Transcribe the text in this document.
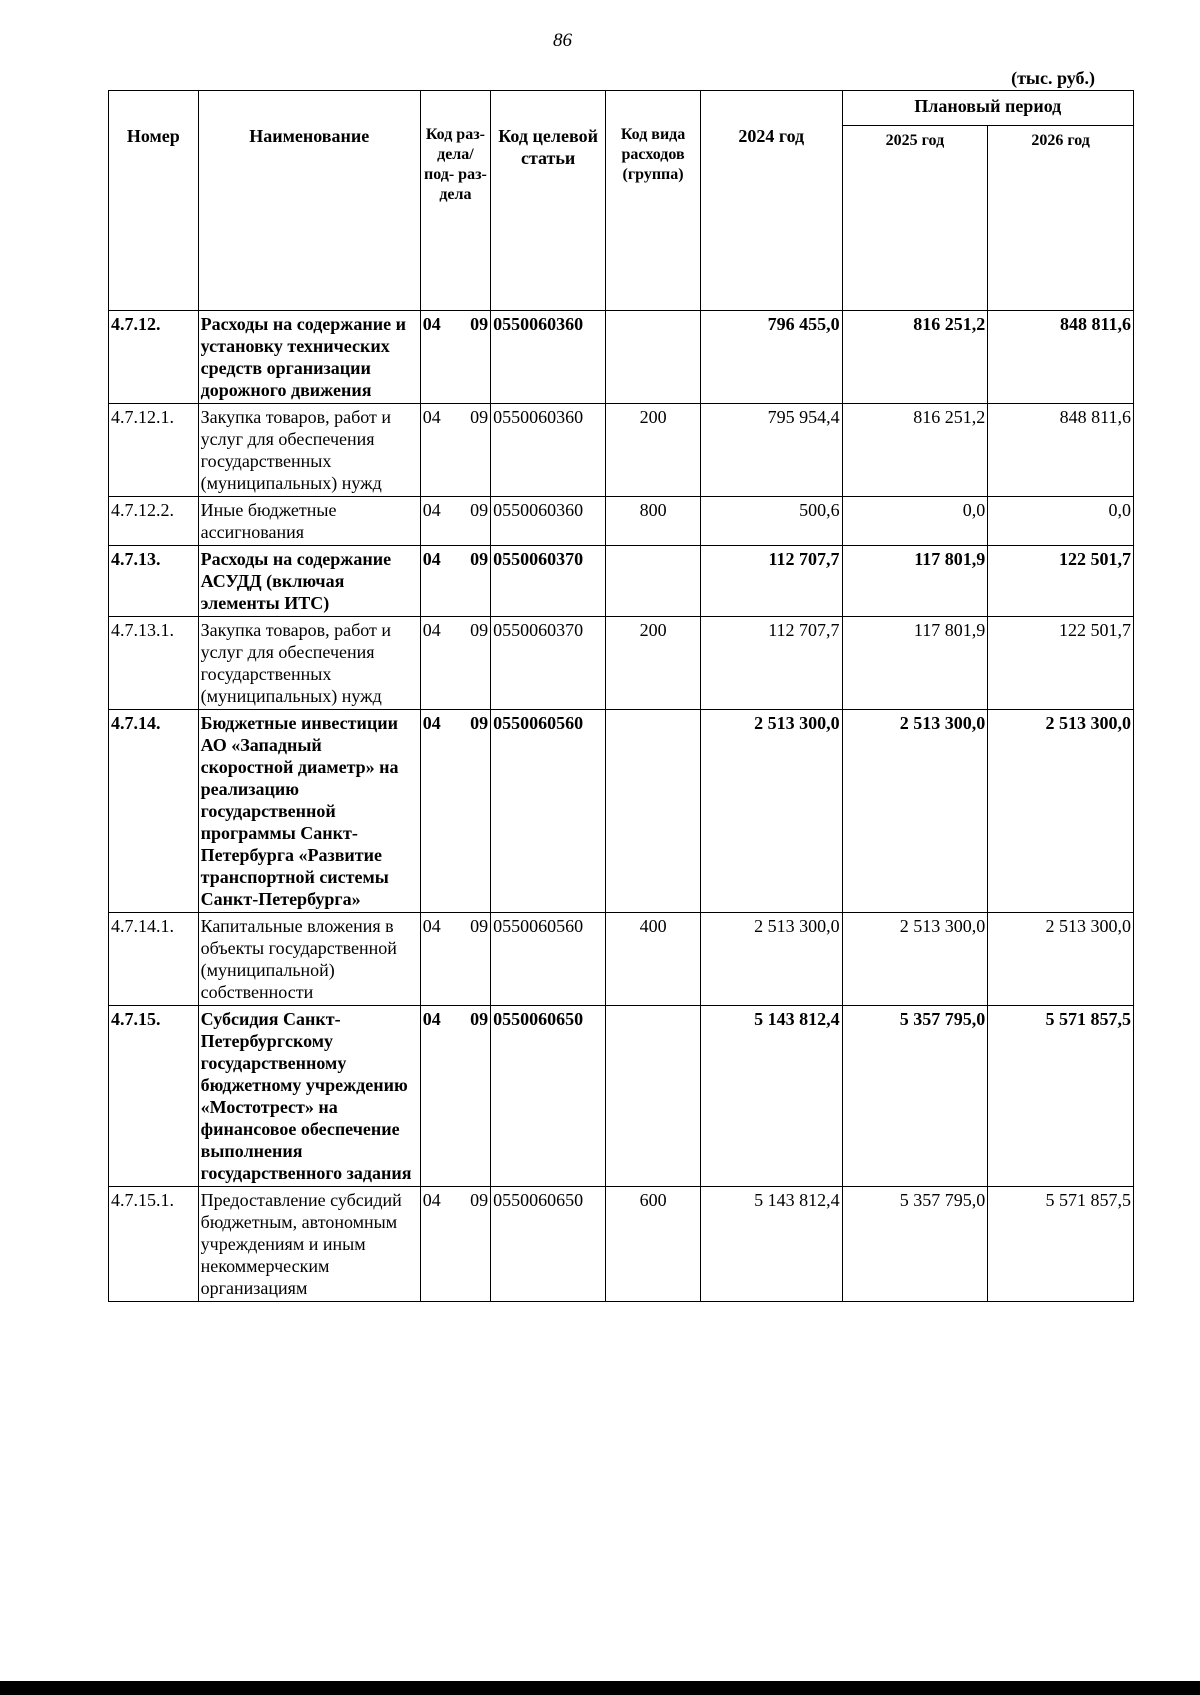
86
(тыс. руб.)
Номер	Наименование	Код раз- дела/ под- раз- дела	Код целевой статьи	Код вида расходов (группа)	2024 год	Плановый период	
						2025 год	2026 год
4.7.12.	Расходы на содержание и установку технических средств организации дорожного движения	04 09	0550060360		796 455,0	816 251,2	848 811,6
4.7.12.1.	Закупка товаров, работ и услуг для обеспечения государственных (муниципальных) нужд	04 09	0550060360	200	795 954,4	816 251,2	848 811,6
4.7.12.2.	Иные бюджетные ассигнования	04 09	0550060360	800	500,6	0,0	0,0
4.7.13.	Расходы на содержание АСУДД (включая элементы ИТС)	04 09	0550060370		112 707,7	117 801,9	122 501,7
4.7.13.1.	Закупка товаров, работ и услуг для обеспечения государственных (муниципальных) нужд	04 09	0550060370	200	112 707,7	117 801,9	122 501,7
4.7.14.	Бюджетные инвестиции АО «Западный скоростной диаметр» на реализацию государственной программы Санкт-Петербурга «Развитие транспортной системы Санкт-Петербурга»	04 09	0550060560		2 513 300,0	2 513 300,0	2 513 300,0
4.7.14.1.	Капитальные вложения в объекты государственной (муниципальной) собственности	04 09	0550060560	400	2 513 300,0	2 513 300,0	2 513 300,0
4.7.15.	Субсидия Санкт-Петербургскому государственному бюджетному учреждению «Мостотрест» на финансовое обеспечение выполнения государственного задания	04 09	0550060650		5 143 812,4	5 357 795,0	5 571 857,5
4.7.15.1.	Предоставление субсидий бюджетным, автономным учреждениям и иным некоммерческим организациям	04 09	0550060650	600	5 143 812,4	5 357 795,0	5 571 857,5
